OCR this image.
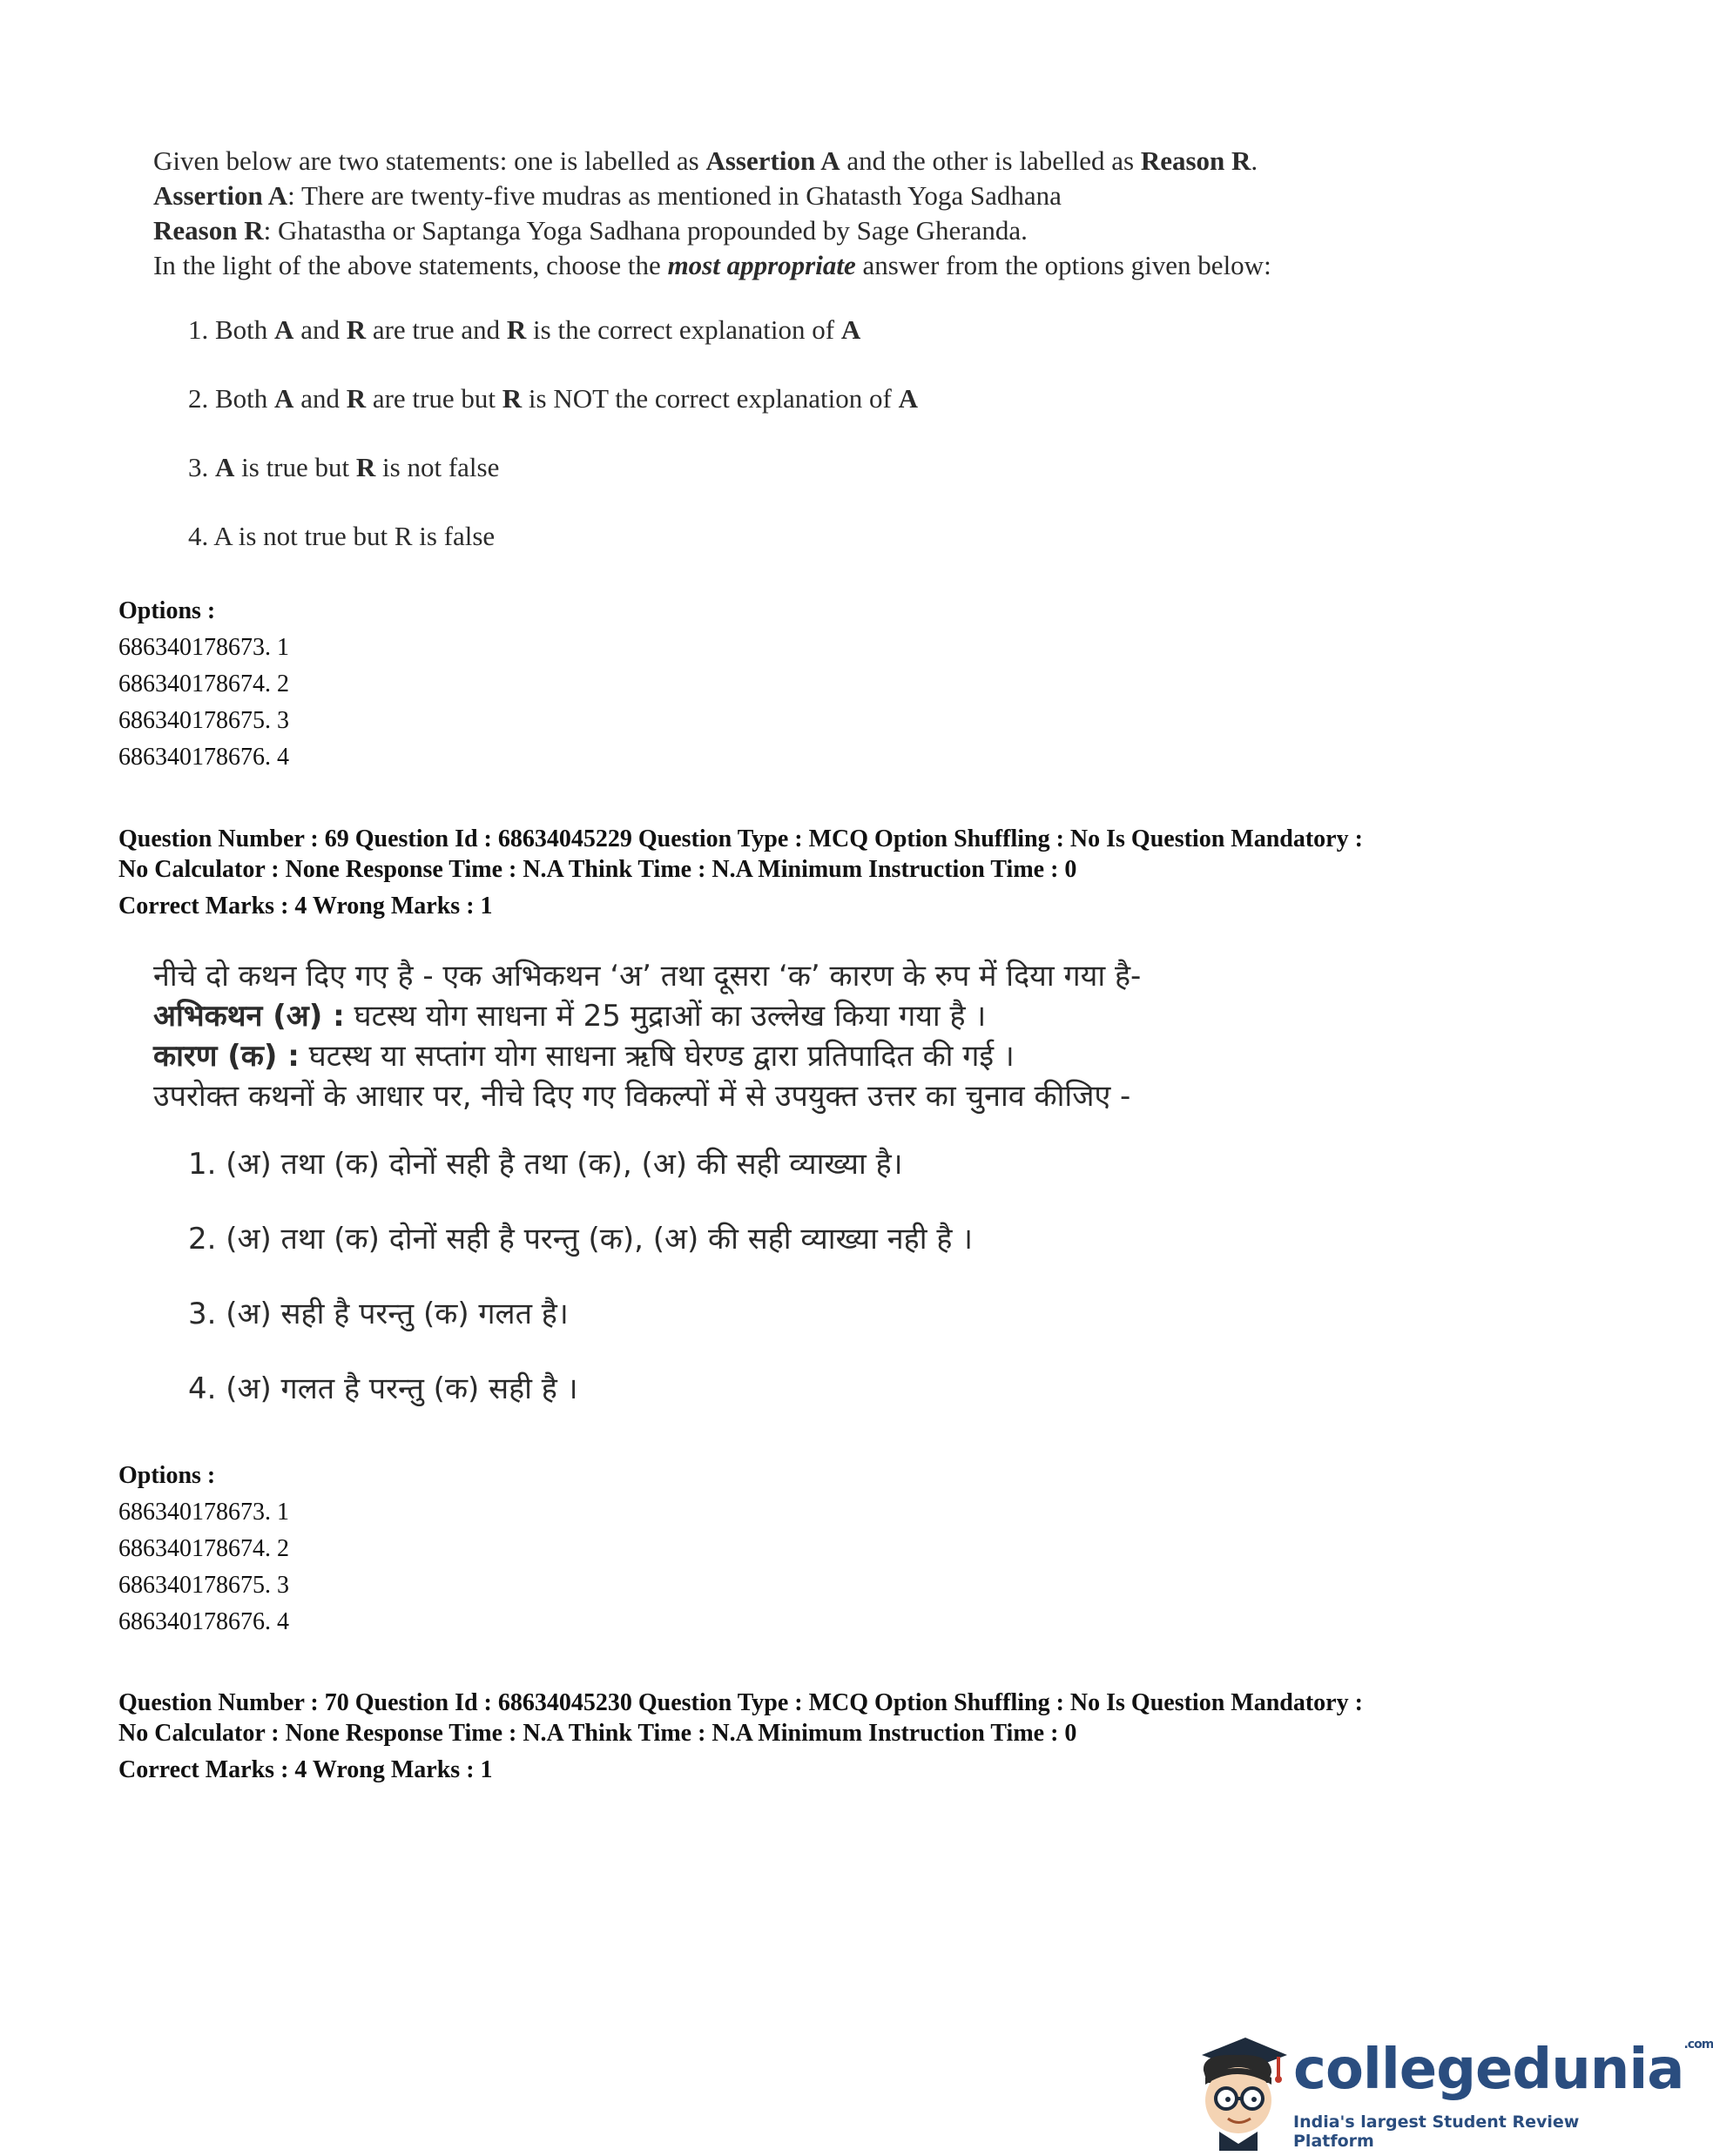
Given below are two statements: one is labelled as Assertion A and the other is labelled as Reason R.

Assertion A: There are twenty-five mudras as mentioned in Ghatasth Yoga Sadhana

Reason R: Ghatastha or Saptanga Yoga Sadhana propounded by Sage Gheranda.

In the light of the above statements, choose the most appropriate answer from the options given below:

1. Both A and R are true and R is the correct explanation of A
2. Both A and R are true but R is NOT the correct explanation of A
3. A is true but R is not false
4. A is not true but R is false
Options :
686340178673. 1
686340178674. 2
686340178675. 3
686340178676. 4
Question Number : 69 Question Id : 68634045229 Question Type : MCQ Option Shuffling : No Is Question Mandatory :
No Calculator : None Response Time : N.A Think Time : N.A Minimum Instruction Time : 0
Correct Marks : 4 Wrong Marks : 1

नीचे दो कथन दिए गए है - एक अभिकथन ‘अ’ तथा दूसरा ‘क’ कारण के रुप में दिया गया है-

अभिकथन (अ) : घटस्थ योग साधना में 25 मुद्राओं का उल्लेख किया गया है ।

कारण (क) : घटस्थ या सप्तांग योग साधना ऋषि घेरण्ड द्वारा प्रतिपादित की गई ।

उपरोक्त कथनों के आधार पर, नीचे दिए गए विकल्पों में से उपयुक्त उत्तर का चुनाव कीजिए -

1. (अ) तथा (क) दोनों सही है तथा (क), (अ) की सही व्याख्या है।
2. (अ) तथा (क) दोनों सही है परन्तु (क), (अ) की सही व्याख्या नही है ।
3. (अ) सही है परन्तु (क) गलत है।
4. (अ) गलत है परन्तु (क) सही है ।
Options :
686340178673. 1
686340178674. 2
686340178675. 3
686340178676. 4
Question Number : 70 Question Id : 68634045230 Question Type : MCQ Option Shuffling : No Is Question Mandatory :
No Calculator : None Response Time : N.A Think Time : N.A Minimum Instruction Time : 0
Correct Marks : 4 Wrong Marks : 1
collegedunia$^{.com}$
India's largest Student Review Platform
